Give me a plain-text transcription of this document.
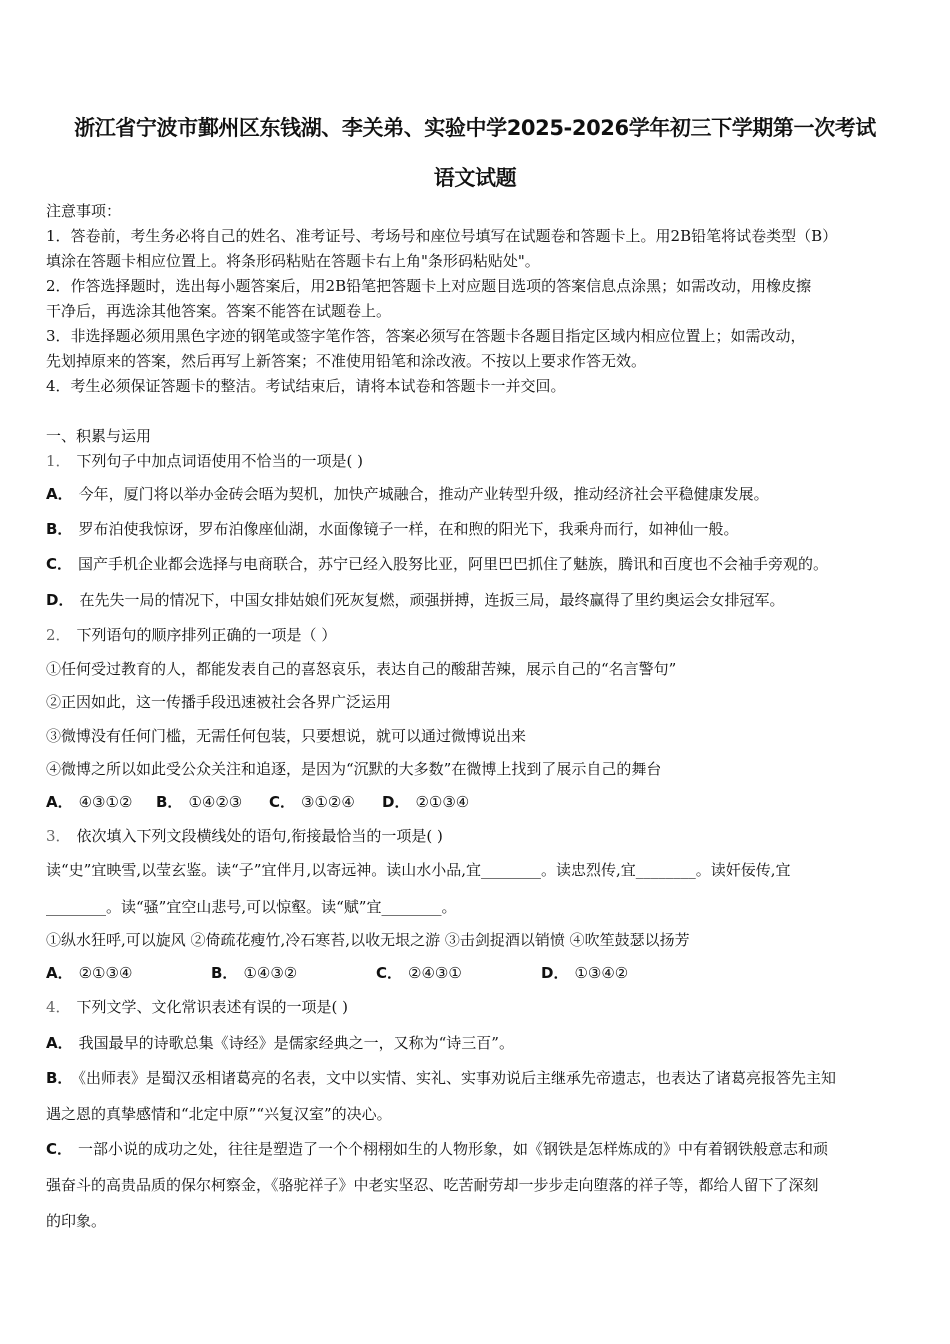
浙江省宁波市鄞州区东钱湖、李关弟、实验中学2025-2026学年初三下学期第一次考试
语文试题
注意事项：
1．答卷前，考生务必将自己的姓名、准考证号、考场号和座位号填写在试题卷和答题卡上。用2B铅笔将试卷类型（B）
填涂在答题卡相应位置上。将条形码粘贴在答题卡右上角"条形码粘贴处"。
2．作答选择题时，选出每小题答案后，用2B铅笔把答题卡上对应题目选项的答案信息点涂黑；如需改动，用橡皮擦
干净后，再选涂其他答案。答案不能答在试题卷上。
3．非选择题必须用黑色字迹的钢笔或签字笔作答，答案必须写在答题卡各题目指定区域内相应位置上；如需改动，
先划掉原来的答案，然后再写上新答案；不准使用铅笔和涂改液。不按以上要求作答无效。
4．考生必须保证答题卡的整洁。考试结束后，请将本试卷和答题卡一并交回。
一、积累与运用
1． 下列句子中加点词语使用不恰当的一项是( )
A． 今年，厦门将以举办金砖会晤为契机，加快产城融合，推动产业转型升级，推动经济社会平稳健康发展。
B． 罗布泊使我惊讶，罗布泊像座仙湖，水面像镜子一样，在和煦的阳光下，我乘舟而行，如神仙一般。
C． 国产手机企业都会选择与电商联合，苏宁已经入股努比亚，阿里巴巴抓住了魅族，腾讯和百度也不会袖手旁观的。
D． 在先失一局的情况下，中国女排姑娘们死灰复燃，顽强拼搏，连扳三局，最终赢得了里约奥运会女排冠军。
2． 下列语句的顺序排列正确的一项是（ ）
①任何受过教育的人，都能发表自己的喜怒哀乐，表达自己的酸甜苦辣，展示自己的“名言警句”
②正因如此，这一传播手段迅速被社会各界广泛运用
③微博没有任何门槛，无需任何包装，只要想说，就可以通过微博说出来
④微博之所以如此受公众关注和追逐，是因为“沉默的大多数”在微博上找到了展示自己的舞台
A． ④③①② B． ①④②③ C． ③①②④ D． ②①③④
3． 依次填入下列文段横线处的语句,衔接最恰当的一项是( )
读“史”宜映雪,以莹玄鉴。读“子”宜伴月,以寄远神。读山水小品,宜________。读忠烈传,宜________。读奸佞传,宜
________。读“骚”宜空山悲号,可以惊壑。读“赋”宜________。
①纵水狂呼,可以旋风 ②倚疏花瘦竹,冷石寒苔,以收无垠之游 ③击剑捉酒以销愤 ④吹笙鼓瑟以扬芳
A． ②①③④	B． ①④③②	C． ②④③①	D． ①③④②
4． 下列文学、文化常识表述有误的一项是( )
A． 我国最早的诗歌总集《诗经》是儒家经典之一，又称为“诗三百”。
B． 《出师表》是蜀汉丞相诸葛亮的名表，文中以实情、实礼、实事劝说后主继承先帝遗志，也表达了诸葛亮报答先主知
遇之恩的真挚感情和“北定中原”“兴复汉室”的决心。
C． 一部小说的成功之处，往往是塑造了一个个栩栩如生的人物形象，如《钢铁是怎样炼成的》中有着钢铁般意志和顽
强奋斗的高贵品质的保尔柯察金，《骆驼祥子》中老实坚忍、吃苦耐劳却一步步走向堕落的祥子等，都给人留下了深刻
的印象。
